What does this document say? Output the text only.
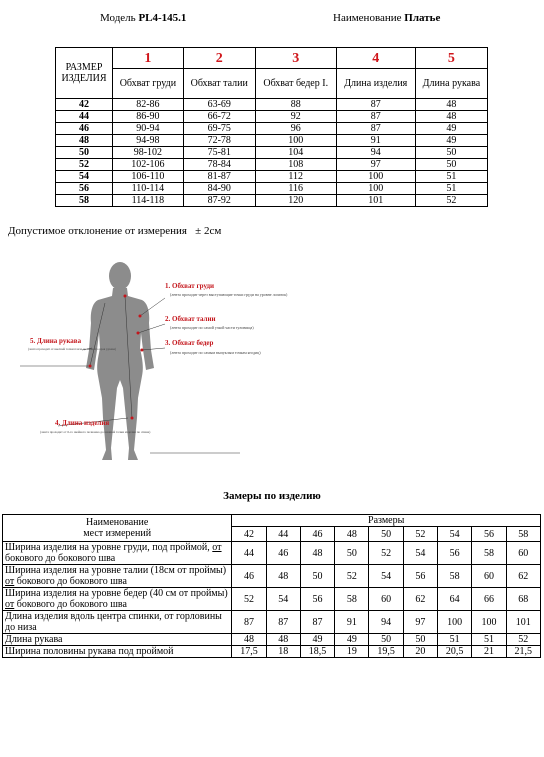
Модель PL4-145.1	Наименование Платье
РАЗМЕР ИЗДЕЛИЯ	1	2	3	4	5
	Обхват груди	Обхват талии	Обхват бедер I.	Длина изделия	Длина рукава
42	82-86	63-69	88	87	48
44	86-90	66-72	92	87	48
46	90-94	69-75	96	87	49
48	94-98	72-78	100	91	49
50	98-102	75-81	104	94	50
52	102-106	78-84	108	97	50
54	106-110	81-87	112	100	51
56	110-114	84-90	116	100	51
58	114-118	87-92	120	101	52
Допустимое отклонение от измерения ± 2см
1. Обхват груди
(лента проходит через выступающие точки груди на уровне лопаток)
2. Обхват талии
(лента проходит по самой узкой части туловища)
3. Обхват бедер
(лента проходит по самым выпуклым точкам ягодиц)
5. Длина рукава
(лента проходит от высшей точки плеча до нижнего края рукава)
4. Длина изделия
(лента проходит от 6-го шейного позвонка до нижней точки изделия по спине)
Замеры по изделию
Наименование
мест измерений	Размеры								
	42	44	46	48	50	52	54	56	58
Ширина изделия на уровне груди, под проймой, от бокового до бокового шва	44	46	48	50	52	54	56	58	60
Ширина изделия на уровне талии (18см от проймы) от бокового до бокового шва	46	48	50	52	54	56	58	60	62
Ширина изделия на уровне бедер (40 см от проймы) от бокового до бокового шва	52	54	56	58	60	62	64	66	68
Длина изделия вдоль центра спинки, от горловины до низа	87	87	87	91	94	97	100	100	101
Длина рукава	48	48	49	49	50	50	51	51	52
Ширина половины рукава под проймой	17,5	18	18,5	19	19,5	20	20,5	21	21,5
